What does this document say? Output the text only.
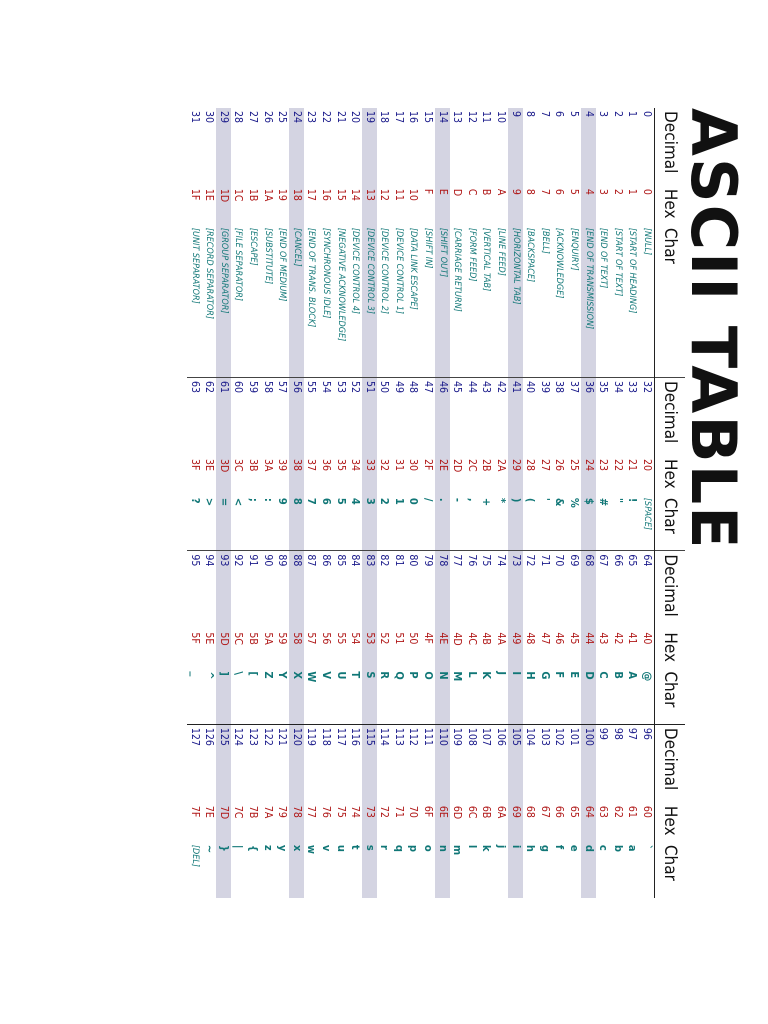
ASCII TABLE
Decimal	Hex	Char	Decimal	Hex	Char	Decimal	Hex	Char	Decimal	Hex	Char
0	0	[NULL]	32	20	[SPACE]	64	40	@	96	60	`
1	1	[START OF HEADING]	33	21	!	65	41	A	97	61	a
2	2	[START OF TEXT]	34	22	"	66	42	B	98	62	b
3	3	[END OF TEXT]	35	23	#	67	43	C	99	63	c
4	4	[END OF TRANSMISSION]	36	24	$	68	44	D	100	64	d
5	5	[ENQUIRY]	37	25	%	69	45	E	101	65	e
6	6	[ACKNOWLEDGE]	38	26	&	70	46	F	102	66	f
7	7	[BELL]	39	27	'	71	47	G	103	67	g
8	8	[BACKSPACE]	40	28	(	72	48	H	104	68	h
9	9	[HORIZONTAL TAB]	41	29	)	73	49	I	105	69	i
10	A	[LINE FEED]	42	2A	*	74	4A	J	106	6A	j
11	B	[VERTICAL TAB]	43	2B	+	75	4B	K	107	6B	k
12	C	[FORM FEED]	44	2C	,	76	4C	L	108	6C	l
13	D	[CARRIAGE RETURN]	45	2D	-	77	4D	M	109	6D	m
14	E	[SHIFT OUT]	46	2E	.	78	4E	N	110	6E	n
15	F	[SHIFT IN]	47	2F	/	79	4F	O	111	6F	o
16	10	[DATA LINK ESCAPE]	48	30	0	80	50	P	112	70	p
17	11	[DEVICE CONTROL 1]	49	31	1	81	51	Q	113	71	q
18	12	[DEVICE CONTROL 2]	50	32	2	82	52	R	114	72	r
19	13	[DEVICE CONTROL 3]	51	33	3	83	53	S	115	73	s
20	14	[DEVICE CONTROL 4]	52	34	4	84	54	T	116	74	t
21	15	[NEGATIVE ACKNOWLEDGE]	53	35	5	85	55	U	117	75	u
22	16	[SYNCHRONOUS IDLE]	54	36	6	86	56	V	118	76	v
23	17	[END OF TRANS. BLOCK]	55	37	7	87	57	W	119	77	w
24	18	[CANCEL]	56	38	8	88	58	X	120	78	x
25	19	[END OF MEDIUM]	57	39	9	89	59	Y	121	79	y
26	1A	[SUBSTITUTE]	58	3A	:	90	5A	Z	122	7A	z
27	1B	[ESCAPE]	59	3B	;	91	5B	[	123	7B	{
28	1C	[FILE SEPARATOR]	60	3C	<	92	5C	\	124	7C	|
29	1D	[GROUP SEPARATOR]	61	3D	=	93	5D	]	125	7D	}
30	1E	[RECORD SEPARATOR]	62	3E	>	94	5E	^	126	7E	~
31	1F	[UNIT SEPARATOR]	63	3F	?	95	5F	_	127	7F	[DEL]
